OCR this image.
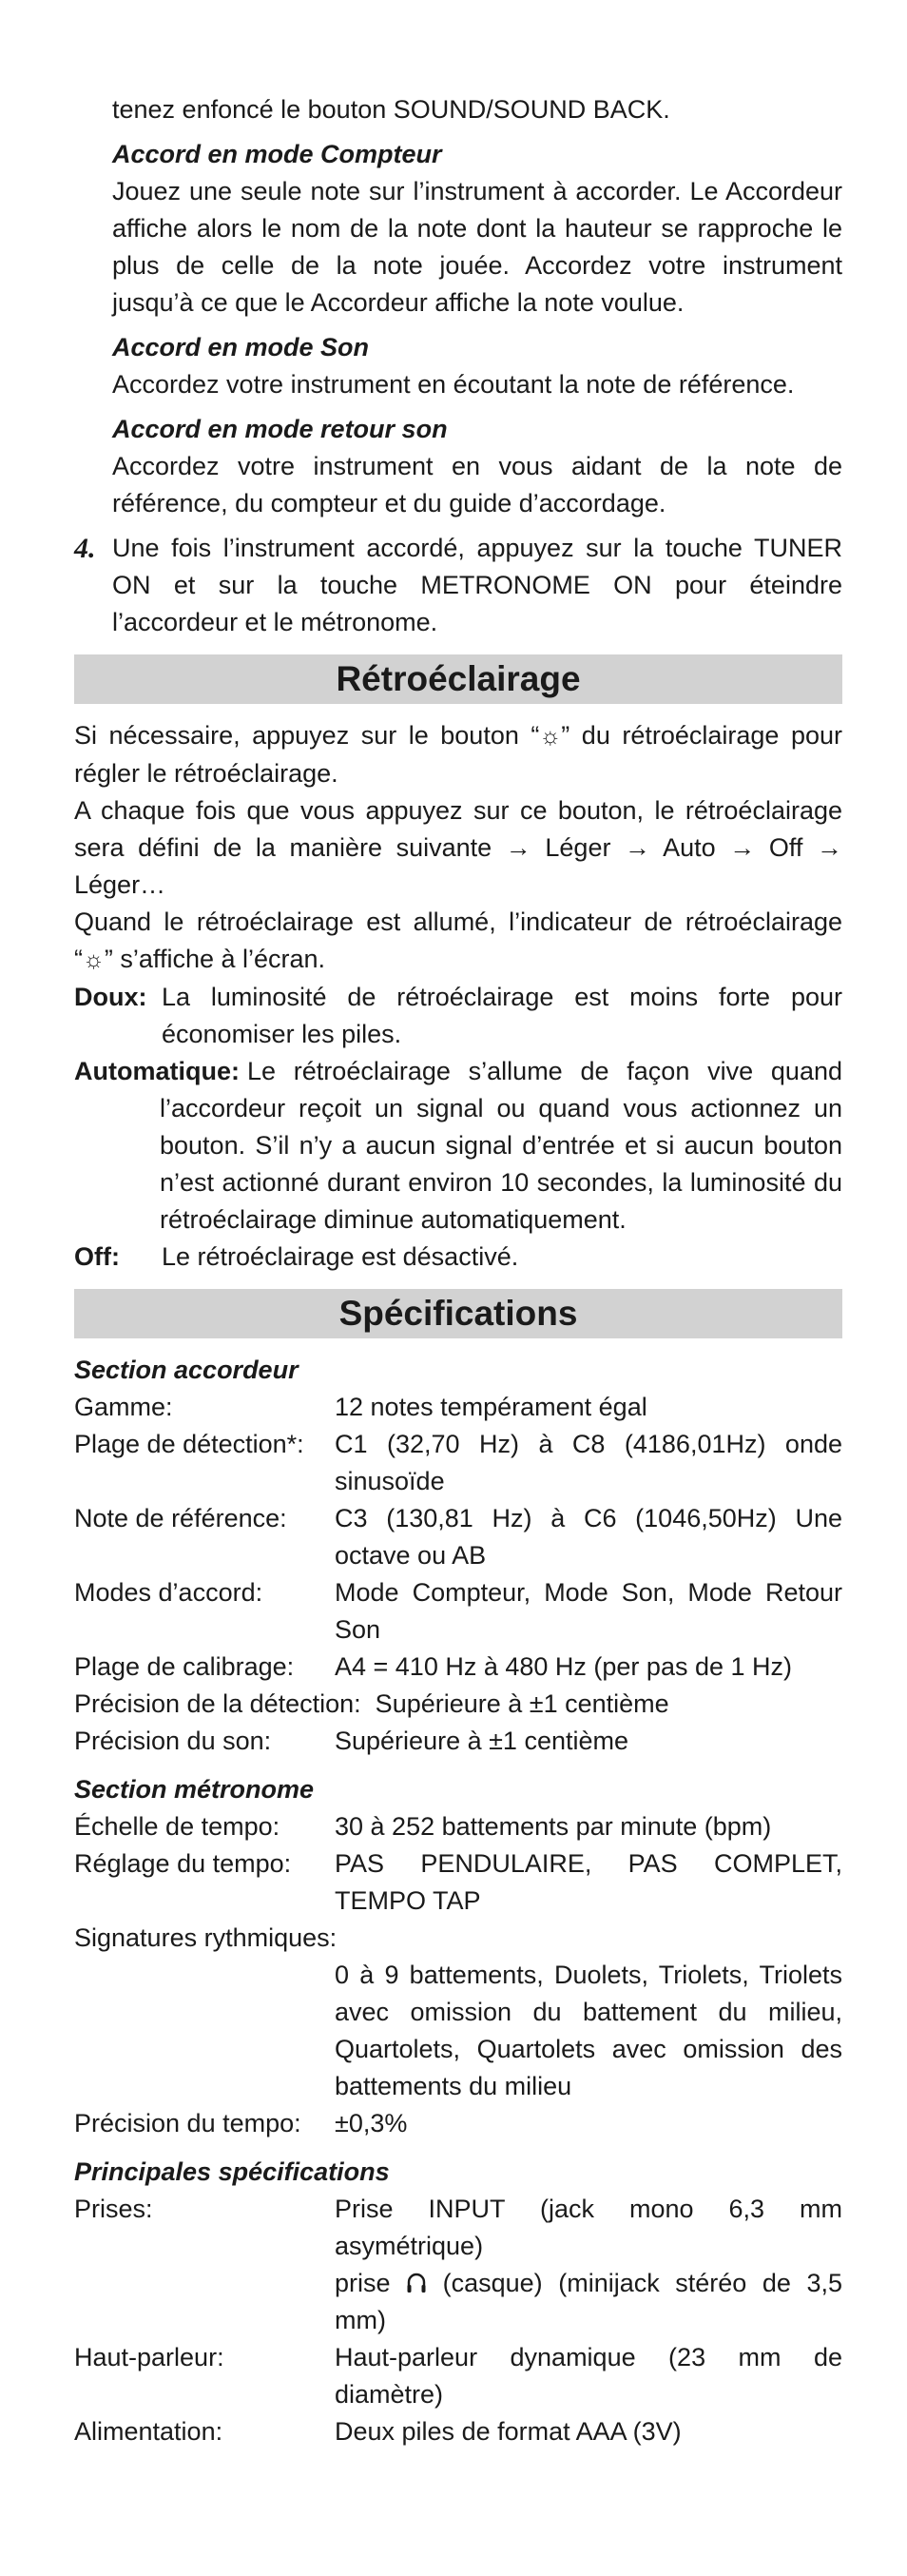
tenez enfoncé le bouton SOUND/SOUND BACK.

Accord en mode Compteur

Jouez une seule note sur l’instrument à accorder. Le Accordeur affiche alors le nom de la note dont la hauteur se rapproche le plus de celle de la note jouée. Accordez votre instrument jusqu’à ce que le Accordeur affiche la note voulue.

Accord en mode Son

Accordez votre instrument en écoutant la note de référence.

Accord en mode retour son

Accordez votre instrument en vous aidant de la note de référence, du compteur et du guide d’accordage.

4. Une fois l’instrument accordé, appuyez sur la touche TUNER ON et sur la touche METRONOME ON pour éteindre l’accordeur et le métronome.
Rétroéclairage

Si nécessaire, appuyez sur le bouton “☼” du rétroéclairage pour régler le rétroéclairage.

A chaque fois que vous appuyez sur ce bouton, le rétroéclairage sera défini de la manière suivante → Léger → Auto → Off → Léger…

Quand le rétroéclairage est allumé, l’indicateur de rétroéclairage “☼” s’affiche à l’écran.

Doux: La luminosité de rétroéclairage est moins forte pour économiser les piles.

Automatique: Le rétroéclairage s’allume de façon vive quand l’accordeur reçoit un signal ou quand vous actionnez un bouton. S’il n’y a aucun signal d’entrée et si aucun bouton n’est actionné durant environ 10 secondes, la luminosité du rétroéclairage diminue automatiquement.

Off:	Le rétroéclairage est désactivé.
Spécifications
Section accordeur
Gamme:	12 notes tempérament égal
Plage de détection*:	C1 (32,70 Hz) à C8 (4186,01Hz) onde sinusoïde
Note de référence:	C3 (130,81 Hz) à C6 (1046,50Hz) Une octave ou AB
Modes d’accord:	Mode Compteur, Mode Son, Mode Retour Son
Plage de calibrage:	A4 = 410 Hz à 480 Hz (per pas de 1 Hz)
Précision de la détection:  Supérieure à ±1 centième
Précision du son:	Supérieure à ±1 centième
Section métronome
Échelle de tempo:	30 à 252 battements par minute (bpm)
Réglage du tempo:	PAS PENDULAIRE, PAS COMPLET, TEMPO TAP
Signatures rythmiques:
0 à 9 battements, Duolets, Triolets, Triolets avec omission du battement du milieu, Quartolets, Quartolets avec omission des battements du milieu
Précision du tempo:	±0,3%
Principales spécifications
Prises:	Prise INPUT (jack mono 6,3 mm asymétrique)
prise (casque) (minijack stéréo de 3,5 mm)
Haut-parleur:	Haut-parleur dynamique (23 mm de diamètre)
Alimentation:	Deux piles de format AAA (3V)
